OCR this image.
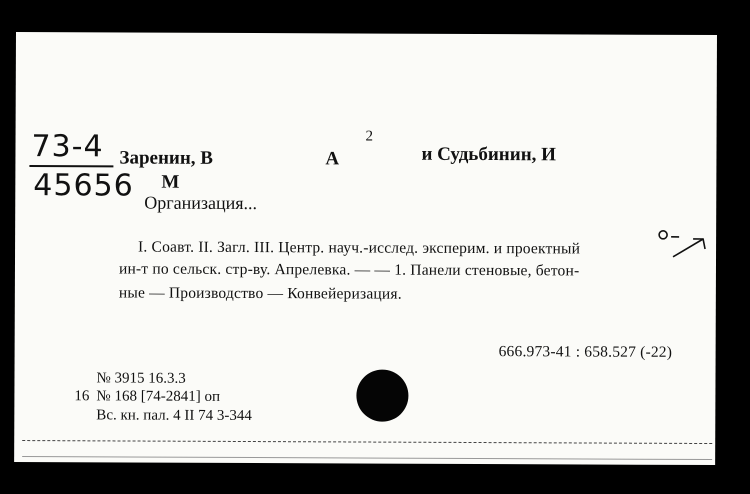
73-4
45656
Заренин, В	А
2
и Судьбинин, И
М
Организация...
I. Соавт. II. Загл. III. Центр. науч.-исслед. эксперим. и проектный
ин-т по сельск. стр-ву. Апрелевка. — — 1. Панели стеновые, бетон-
ные — Производство — Конвейеризация.
666.973-41 : 658.527 (-22)
№ 3915 16.3.3
16 № 168 [74-2841] оп
Вс. кн. пал. 4 II 74 3-344
